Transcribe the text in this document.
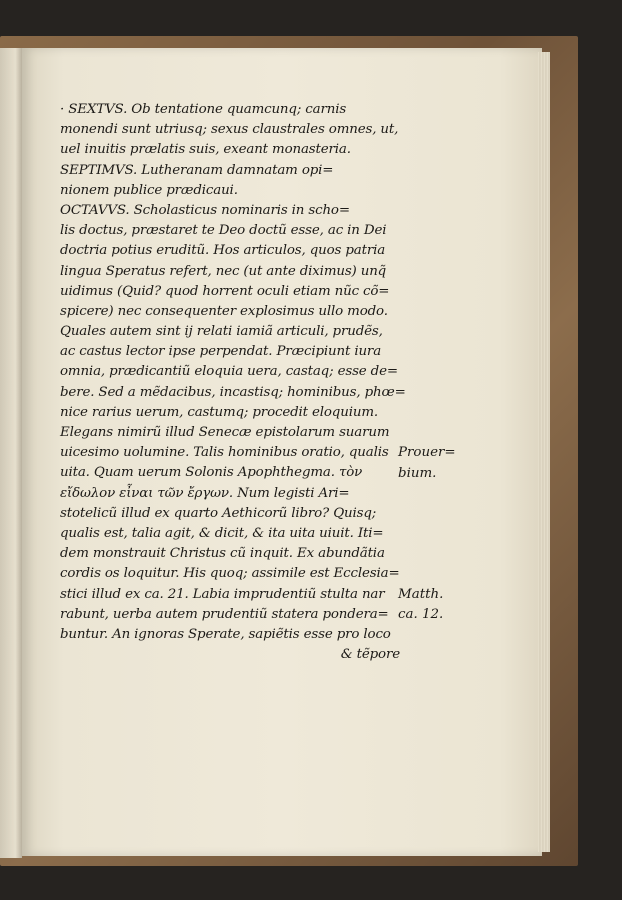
· SEXTVS. Ob tentatione quamcunq; carnis
monendi sunt utriusq; sexus claustrales omnes, ut,
uel inuitis prælatis suis, exeant monasteria.
SEPTIMVS. Lutheranam damnatam opi=
nionem publice prædicaui.
OCTAVVS. Scholasticus nominaris in scho=
lis doctus, præstaret te Deo doctũ esse, ac in Dei
doctria potius eruditũ. Hos articulos, quos patria
lingua Speratus refert, nec (ut ante diximus) unq̃
uidimus (Quid? quod horrent oculi etiam nũc cõ=
spicere) nec consequenter explosimus ullo modo.
Quales autem sint ij relati iamiã articuli, prudẽs,
ac castus lector ipse perpendat. Præcipiunt iura
omnia, prædicantiũ eloquia uera, castaq; esse de=
bere. Sed a mẽdacibus, incastisq; hominibus, phœ=
nice rarius uerum, castumq; procedit eloquium.
Elegans nimirũ illud Senecæ epistolarum suarum
uicesimo uolumine. Talis hominibus oratio, qualis
uita. Quam uerum Solonis Apophthegma. τὸν
εἴδωλον εἶναι τῶν ἔργων. Num legisti Ari=
stotelicũ illud ex quarto Aethicorũ libro? Quisq;
qualis est, talia agit, & dicit, & ita uita uiuit. Iti=
dem monstrauit Christus cũ inquit. Ex abundãtia
cordis os loquitur. His quoq; assimile est Ecclesia=
stici illud ex ca. 21. Labia imprudentiũ stulta nar
rabunt, uerba autem prudentiũ statera pondera=
buntur. An ignoras Sperate, sapiẽtis esse pro loco
& tẽpore
Prouer=
bium.
Matth.
ca. 12.
